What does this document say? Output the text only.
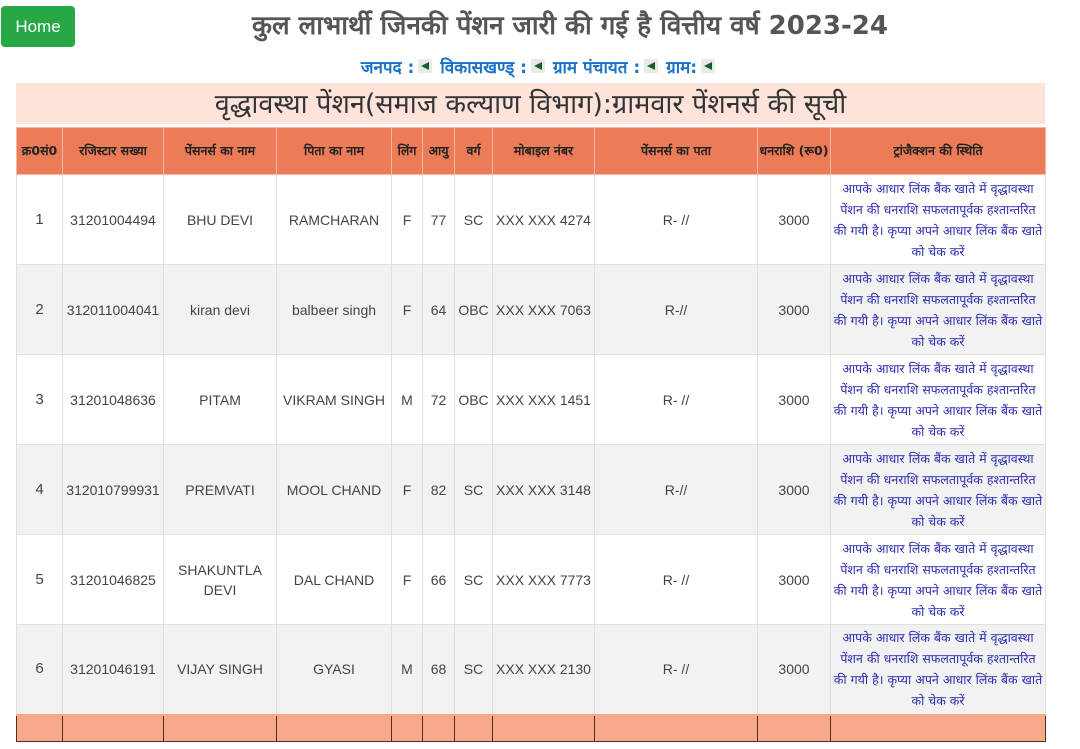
Home	कुल लाभार्थी जिनकी पेंशन जारी की गई है वित्तीय वर्ष 2023-24
जनपद : विकासखण्ड् : ग्राम पंचायत : ग्राम:
वृद्धावस्था पेंशन(समाज कल्याण विभाग):ग्रामवार पेंशनर्स की सूची
क्र0सं0	रजिस्टार सख्या	पेंसनर्स का नाम	पिता का नाम	लिंग	आयु	वर्ग	मोबाइल नंबर	पेंसनर्स का पता	धनराशि (रू0)	ट्रांजैक्शन की स्थिति
1	31201004494	BHU DEVI	RAMCHARAN	F	77	SC	XXX XXX 4274	R- //	3000	आपके आधार लिंक बैंक खाते में वृद्धावस्था पेंशन की धनराशि सफलतापूर्वक हश्तान्तरित की गयी है। कृप्या अपने आधार लिंक बैंक खाते को चेक करें
2	312011004041	kiran devi	balbeer singh	F	64	OBC	XXX XXX 7063	R-//	3000	आपके आधार लिंक बैंक खाते में वृद्धावस्था पेंशन की धनराशि सफलतापूर्वक हश्तान्तरित की गयी है। कृप्या अपने आधार लिंक बैंक खाते को चेक करें
3	31201048636	PITAM	VIKRAM SINGH	M	72	OBC	XXX XXX 1451	R- //	3000	आपके आधार लिंक बैंक खाते में वृद्धावस्था पेंशन की धनराशि सफलतापूर्वक हश्तान्तरित की गयी है। कृप्या अपने आधार लिंक बैंक खाते को चेक करें
4	312010799931	PREMVATI	MOOL CHAND	F	82	SC	XXX XXX 3148	R-//	3000	आपके आधार लिंक बैंक खाते में वृद्धावस्था पेंशन की धनराशि सफलतापूर्वक हश्तान्तरित की गयी है। कृप्या अपने आधार लिंक बैंक खाते को चेक करें
5	31201046825	SHAKUNTLA DEVI	DAL CHAND	F	66	SC	XXX XXX 7773	R- //	3000	आपके आधार लिंक बैंक खाते में वृद्धावस्था पेंशन की धनराशि सफलतापूर्वक हश्तान्तरित की गयी है। कृप्या अपने आधार लिंक बैंक खाते को चेक करें
6	31201046191	VIJAY SINGH	GYASI	M	68	SC	XXX XXX 2130	R- //	3000	आपके आधार लिंक बैंक खाते में वृद्धावस्था पेंशन की धनराशि सफलतापूर्वक हश्तान्तरित की गयी है। कृप्या अपने आधार लिंक बैंक खाते को चेक करें
